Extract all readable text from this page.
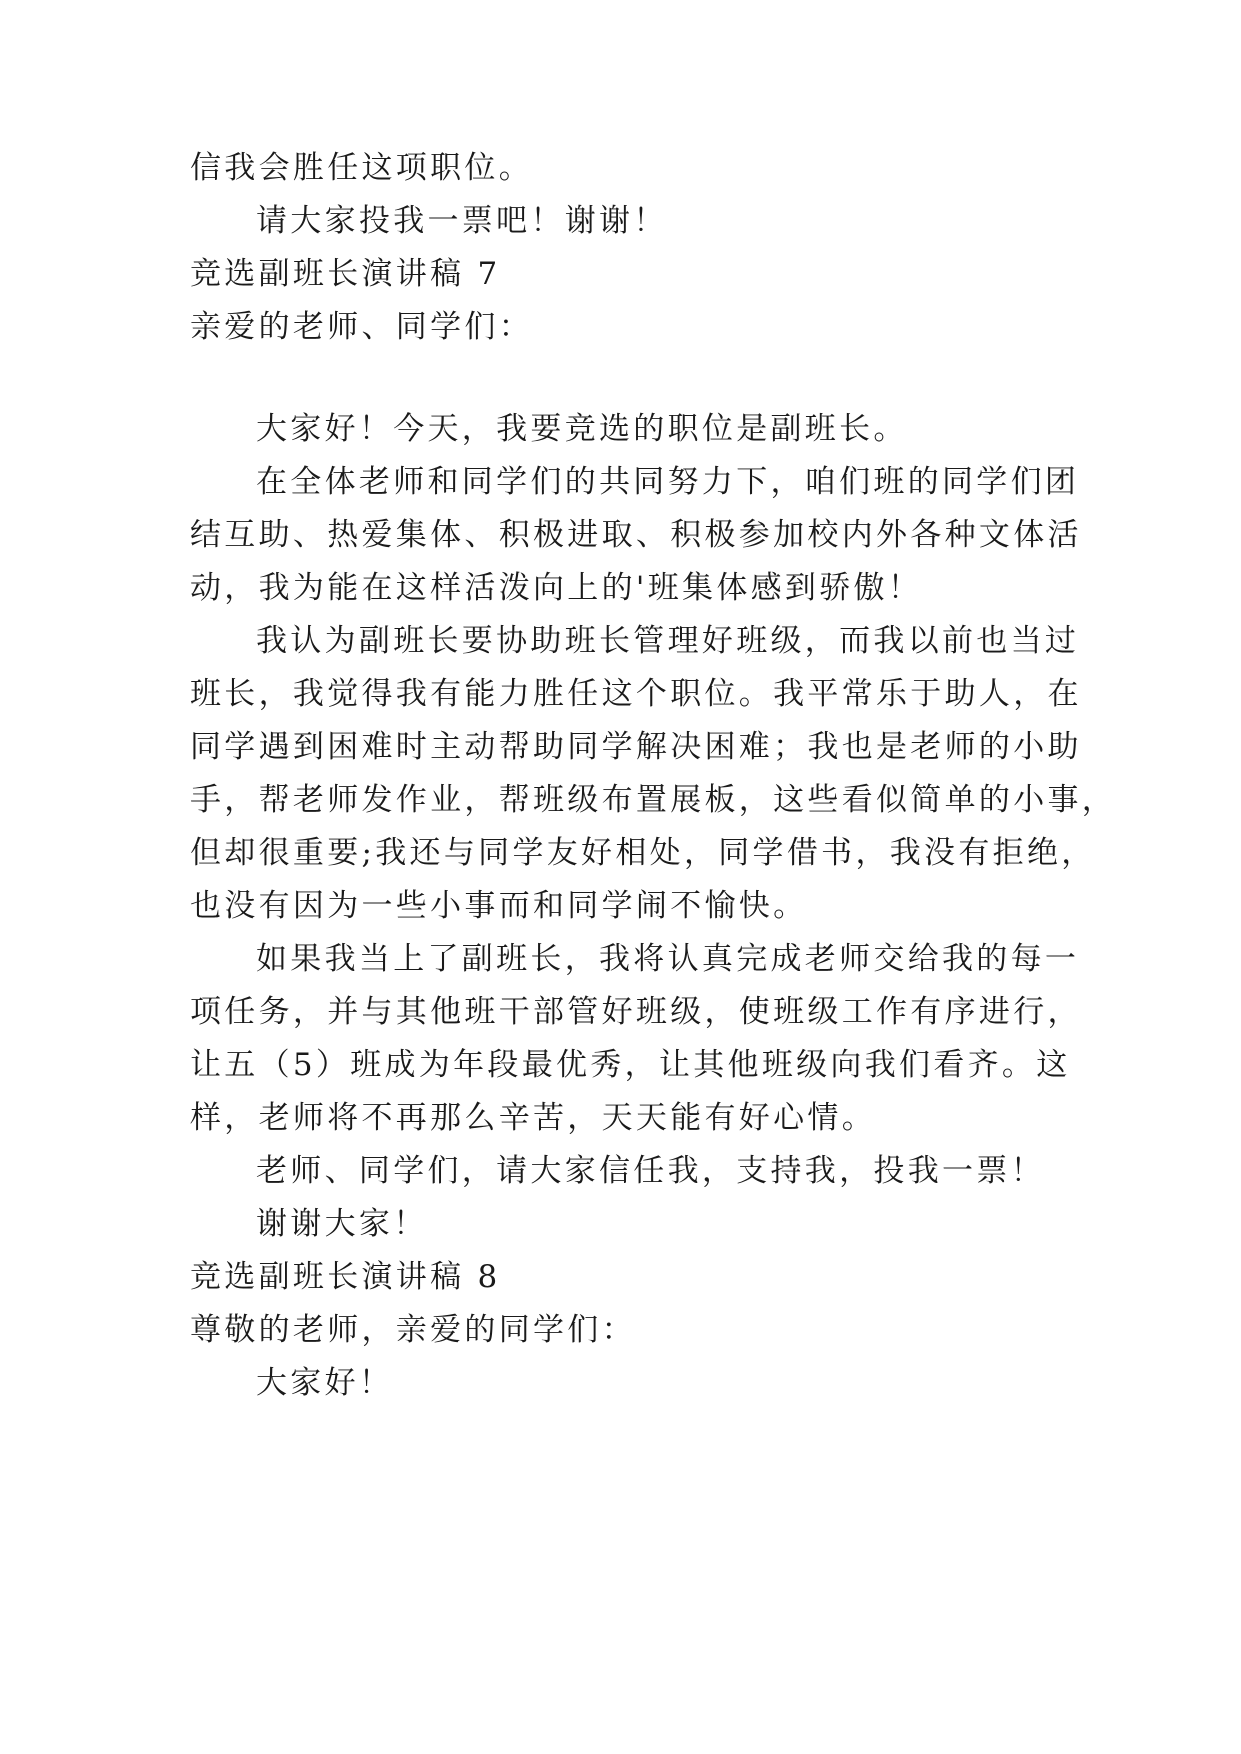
信我会胜任这项职位。
请大家投我一票吧！谢谢！
竞选副班长演讲稿 7
亲爱的老师、同学们：
大家好！今天，我要竞选的职位是副班长。
在全体老师和同学们的共同努力下，咱们班的同学们团
结互助、热爱集体、积极进取、积极参加校内外各种文体活
动，我为能在这样活泼向上的'班集体感到骄傲！
我认为副班长要协助班长管理好班级，而我以前也当过
班长，我觉得我有能力胜任这个职位。我平常乐于助人，在
同学遇到困难时主动帮助同学解决困难；我也是老师的小助
手，帮老师发作业，帮班级布置展板，这些看似简单的小事，
但却很重要;我还与同学友好相处，同学借书，我没有拒绝，
也没有因为一些小事而和同学闹不愉快。
如果我当上了副班长，我将认真完成老师交给我的每一
项任务，并与其他班干部管好班级，使班级工作有序进行，
让五（5）班成为年段最优秀，让其他班级向我们看齐。这
样，老师将不再那么辛苦，天天能有好心情。
老师、同学们，请大家信任我，支持我，投我一票！
谢谢大家！
竞选副班长演讲稿 8
尊敬的老师，亲爱的同学们：
大家好！
